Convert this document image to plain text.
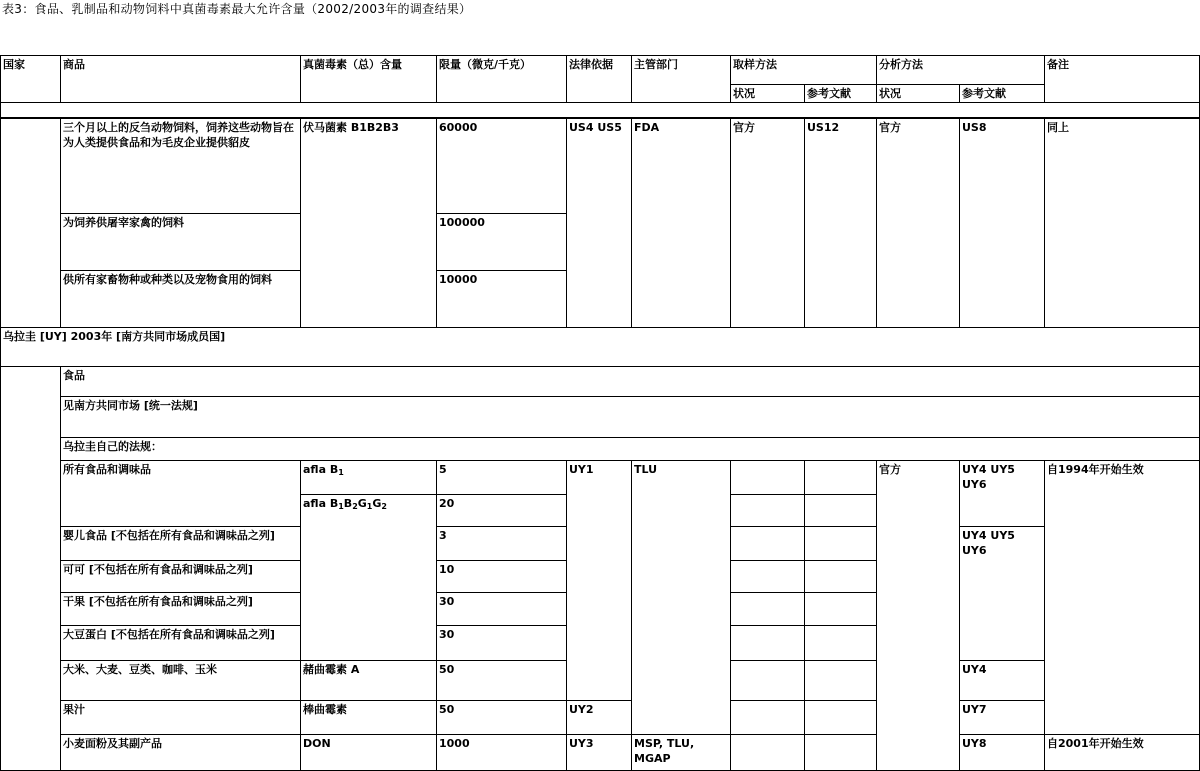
表3：食品、乳制品和动物饲料中真菌毒素最大允许含量（2002/2003年的调查结果）
国家	商品	真菌毒素（总）含量	限量（微克/千克）	法律依据	主管部门	取样方法		分析方法		备注
						状况	参考文献	状况	参考文献	

	三个月以上的反刍动物饲料，饲养这些动物旨在为人类提供食品和为毛皮企业提供貂皮	伏马菌素 B1B2B3	60000	US4 US5	FDA	官方	US12	官方	US8	同上
	为饲养供屠宰家禽的饲料		100000							
	供所有家畜物种或种类以及宠物食用的饲料		10000							
乌拉圭 [UY] 2003年 [南方共同市场成员国]										
	食品									
	见南方共同市场 [统一法规]									
	乌拉圭自己的法规：									
	所有食品和调味品	afla $B_1$	5	UY1	TLU			官方	UY4 UY5 UY6	自1994年开始生效
		afla $B_1B_2G_1G_2$	20							
	婴儿食品 [不包括在所有食品和调味品之列]		3						UY4 UY5 UY6	
	可可 [不包括在所有食品和调味品之列]		10							
	干果 [不包括在所有食品和调味品之列]		30							
	大豆蛋白 [不包括在所有食品和调味品之列]		30							
	大米、大麦、豆类、咖啡、玉米	赭曲霉素 A	50						UY4	
	果汁	棒曲霉素	50	UY2					UY7	
	小麦面粉及其副产品	DON	1000	UY3	MSP, TLU, MGAP				UY8	自2001年开始生效
